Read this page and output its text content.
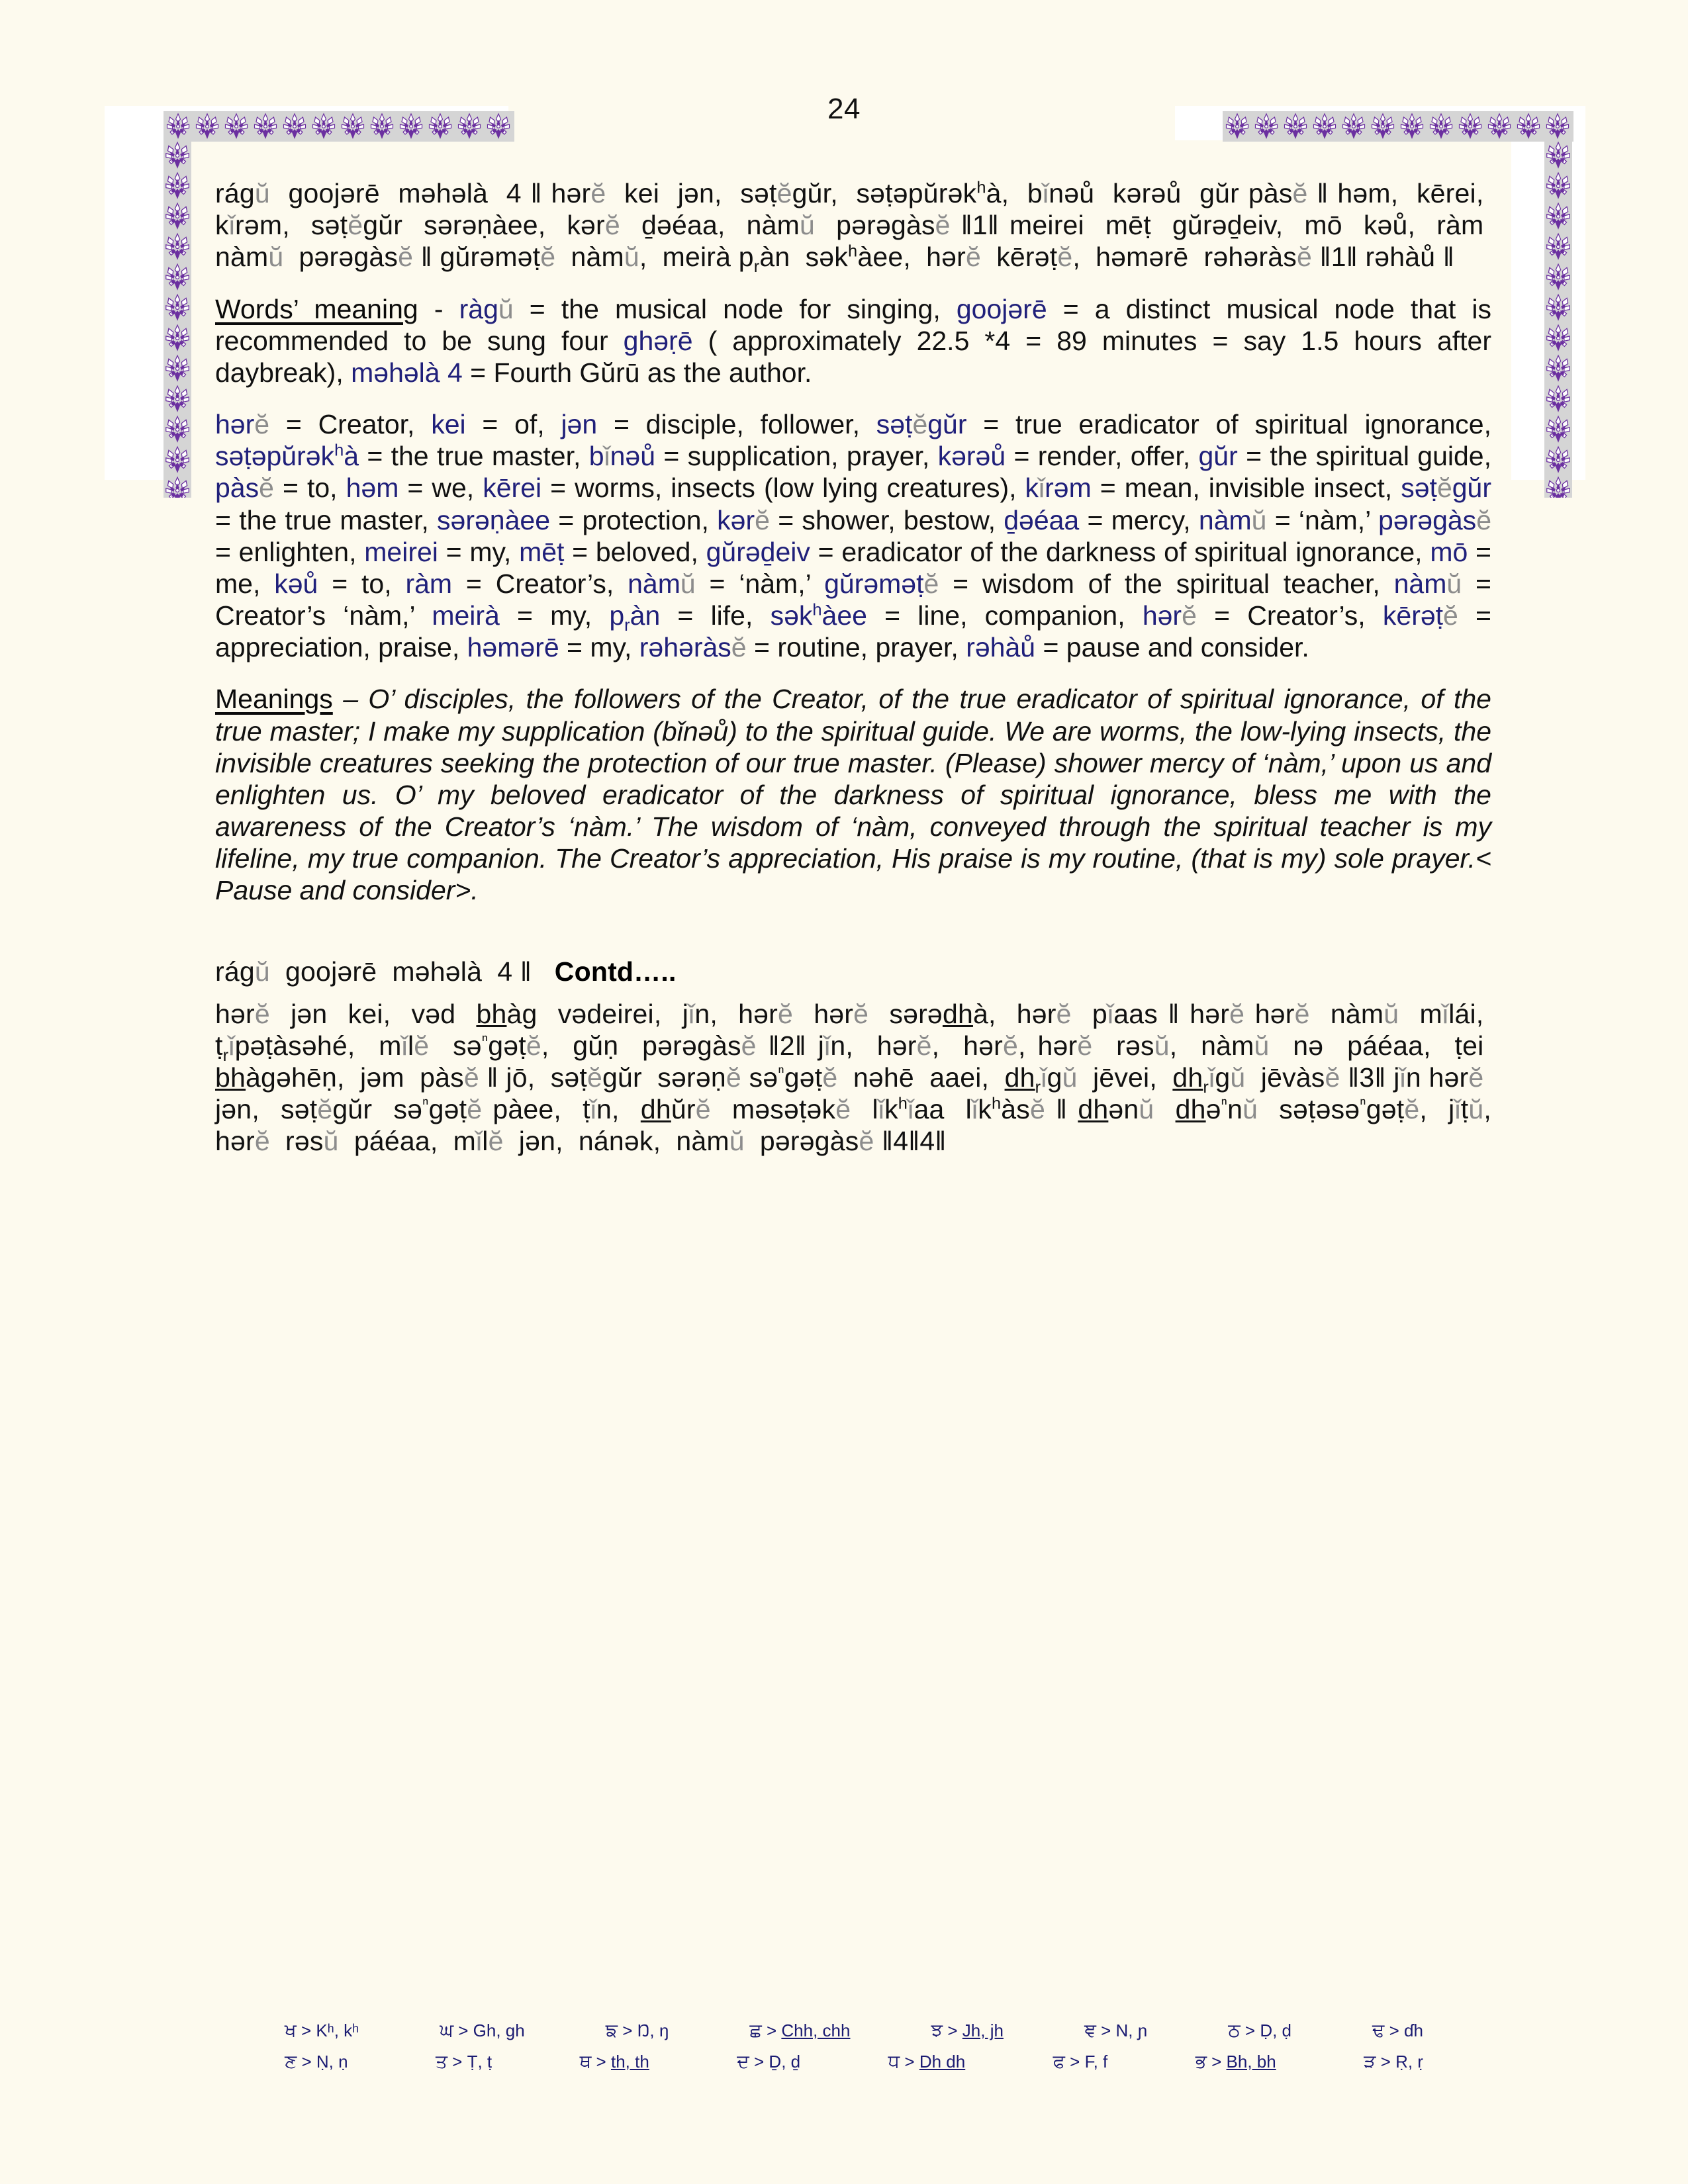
24

rágŭ  goojərē  məhəlà  4 ǁ hərĕ  kei  jən,  səṭĕgŭr,  səṭəpŭrək$^h$à,  bǐnəů  kərəů  gŭr pàsĕ ǁ həm,  kērei,  kǐrəm,  səṭĕgŭr  sərəṇàee,  kərĕ  ḏəéaa,  nàmŭ  pərəgàsĕ ǁ1ǁ meirei  mēṭ  gŭrəḏeiv,  mō  kəů,  ràm  nàmŭ  pərəgàsĕ ǁ gŭrəməṭĕ  nàmŭ,  meirà $p_ràn$  sək$^h$àee,  hərĕ  kērəṭĕ,  həmərē  rəhəràsĕ ǁ1ǁ rəhàů ǁ

Words’ meaning - ràgŭ = the musical node for singing, goojərē = a distinct musical node that is recommended to be sung four ghəṛē ( approximately 22.5 *4 = 89 minutes = say 1.5 hours after daybreak), məhəlà 4 = Fourth Gŭrū as the author.

hərĕ = Creator, kei = of, jən = disciple, follower, səṭĕgŭr = true eradicator of spiritual ignorance, səṭəpŭrək$^h$à = the true master, bǐnəů = supplication, prayer, kərəů = render, offer, gŭr = the spiritual guide, pàsĕ = to, həm = we, kērei = worms, insects (low lying creatures), kǐrəm = mean, invisible insect, səṭĕgŭr = the true master, sərəṇàee = protection, kərĕ = shower, bestow, ḏəéaa = mercy, nàmŭ = ‘nàm,’ pərəgàsĕ = enlighten, meirei = my, mēṭ = beloved, gŭrəḏeiv = eradicator of the darkness of spiritual ignorance, mō = me, kəů = to, ràm = Creator’s, nàmŭ = ‘nàm,’ gŭrəməṭĕ = wisdom of the spiritual teacher, nàmŭ = Creator’s ‘nàm,’ meirà = my, $p_ràn$ = life, sək$^h$àee = line, companion, hərĕ = Creator’s, kērəṭĕ = appreciation, praise, həmərē = my, rəhəràsĕ = routine, prayer, rəhàů = pause and consider.

Meanings – O’ disciples, the followers of the Creator, of the true eradicator of spiritual ignorance, of the true master; I make my supplication (bǐnəů) to the spiritual guide. We are worms, the low-lying insects, the invisible creatures seeking the protection of our true master. (Please) shower mercy of ‘nàm,’ upon us and enlighten us. O’ my beloved eradicator of the darkness of spiritual ignorance, bless me with the awareness of the Creator’s ‘nàm.’ The wisdom of ‘nàm, conveyed through the spiritual teacher is my lifeline, my true companion. The Creator’s appreciation, His praise is my routine, (that is my) sole prayer.< Pause and consider>.

rágŭ  goojərē  məhəlà  4 ǁ   Contd…..

hərĕ  jən  kei,  vəd  bhàg  vədeirei,  jǐn,  hərĕ  hərĕ  sərədhà,  hərĕ  pǐaas ǁ hərĕ hərĕ  nàmŭ  mǐlái,  ṭ$_r$ǐpəṭàsəhé,  mǐlĕ  sə$^{^n}$gəṭĕ,  gŭṇ  pərəgàsĕ ǁ2ǁ jǐn,  hərĕ,  hərĕ, hərĕ  rəsŭ,  nàmŭ  nə  páéaa,  ṭei  bhàgəhēṇ,  jəm  pàsĕ ǁ jō,  səṭĕgŭr  sərəṇĕ sə$^{^n}$gəṭĕ  nəhē  aaei,  $dh_rǐgŭ$  jēvei,  $dh_rǐgŭ$  jēvàsĕ ǁ3ǁ jǐn hərĕ  jən,  səṭĕgŭr  sə$^{^n}$gəṭĕ pàee,  ṭǐn,  dhŭrĕ  məsəṭəkĕ  lǐk$^h$ǐaa  lǐk$^h$àsĕ ǁ dhənŭ dhə$^{^n}$nŭ  səṭəsə$^{^n}$gəṭĕ,  jǐṭŭ, hərĕ  rəsŭ  páéaa,  mǐlĕ  jən,  nánək,  nàmŭ  pərəgàsĕ ǁ4ǁ4ǁ

ਖ > Kʰ, kʰ	ਘ > Gh, gh	ਙ > Ŋ, ŋ	ਛ > Chh, chh	ਝ > Jh, jh	ਞ > N, ɲ	ਠ > Ḍ, ḍ	ਢ > ɗh
ਣ > Ṇ, ṇ	ਤ > Ṭ, ṭ	ਥ > th, th	ਦ > Ḏ, ḏ	ਧ > Dh dh	ਫ > F, f	ਭ > Bh, bh	ੜ > Ṛ, ṛ
